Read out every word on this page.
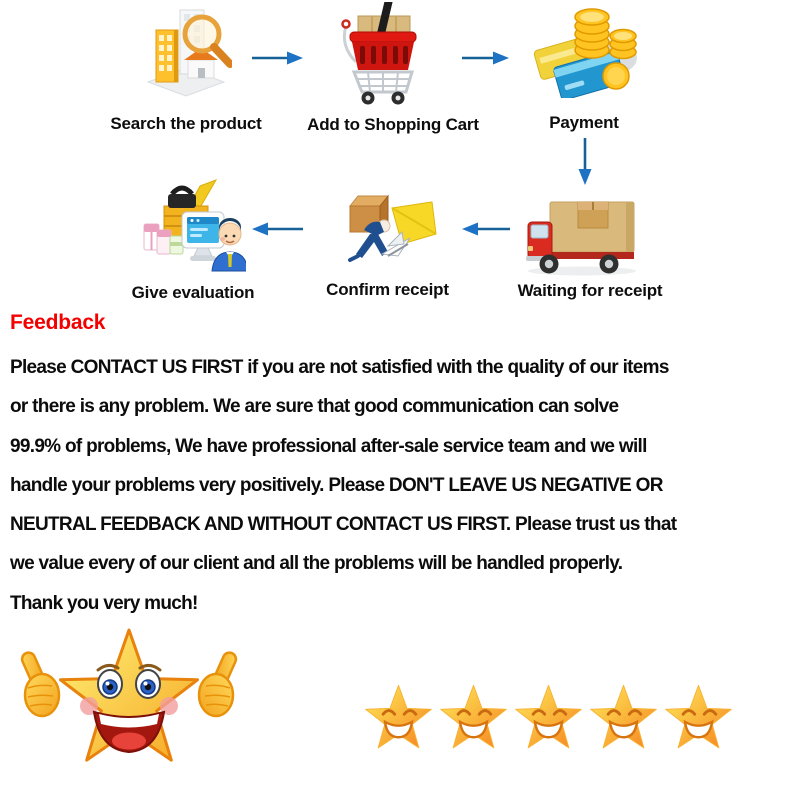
Search the product	Add to Shopping Cart	Payment
Waiting for receipt
Confirm receipt
Give evaluation
Feedback
Please CONTACT US FIRST if you are not satisfied with the quality of our items
or there is any problem. We are sure that good communication can solve
99.9% of problems, We have professional after-sale service team and we will
handle your problems very positively. Please DON'T LEAVE US NEGATIVE OR
NEUTRAL FEEDBACK AND WITHOUT CONTACT US FIRST. Please trust us that
we value every of our client and all the problems will be handled properly.
Thank you very much!
